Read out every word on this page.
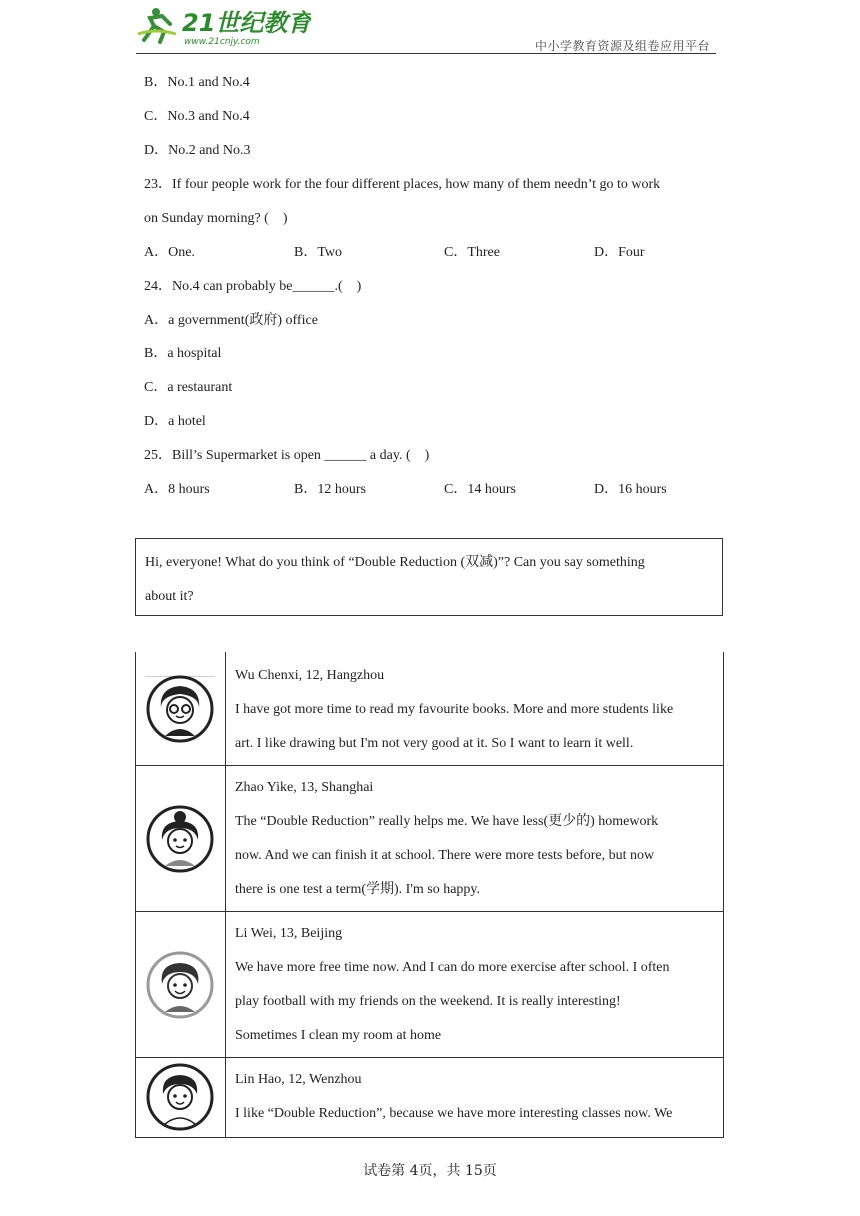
21世纪教育
www.21cnjy.com	中小学教育资源及组卷应用平台
B．No.1 and No.4
C．No.3 and No.4
D．No.2 and No.3
23．If four people work for the four different places, how many of them needn’t go to work
on Sunday morning? (　)
A．One.	B．Two	C．Three	D．Four
24．No.4 can probably be______.(　)
A．a government(政府) office
B．a hospital
C．a restaurant
D．a hotel
25．Bill’s Supermarket is open ______ a day. (　)
A．8 hours	B．12 hours	C．14 hours	D．16 hours
Hi, everyone! What do you think of “Double Reduction (双减)”? Can you say something
about it?
Wu Chenxi, 12, Hangzhou
I have got more time to read my favourite books. More and more students like
art. I like drawing but I'm not very good at it. So I want to learn it well.
Zhao Yike, 13, Shanghai
The “Double Reduction” really helps me. We have less(更少的) homework
now. And we can finish it at school. There were more tests before, but now
there is one test a term(学期). I'm so happy.
Li Wei, 13, Beijing
We have more free time now. And I can do more exercise after school. I often
play football with my friends on the weekend. It is really interesting!
Sometimes I clean my room at home
Lin Hao, 12, Wenzhou
I like “Double Reduction”, because we have more interesting classes now. We
试卷第 4页，共 15页
